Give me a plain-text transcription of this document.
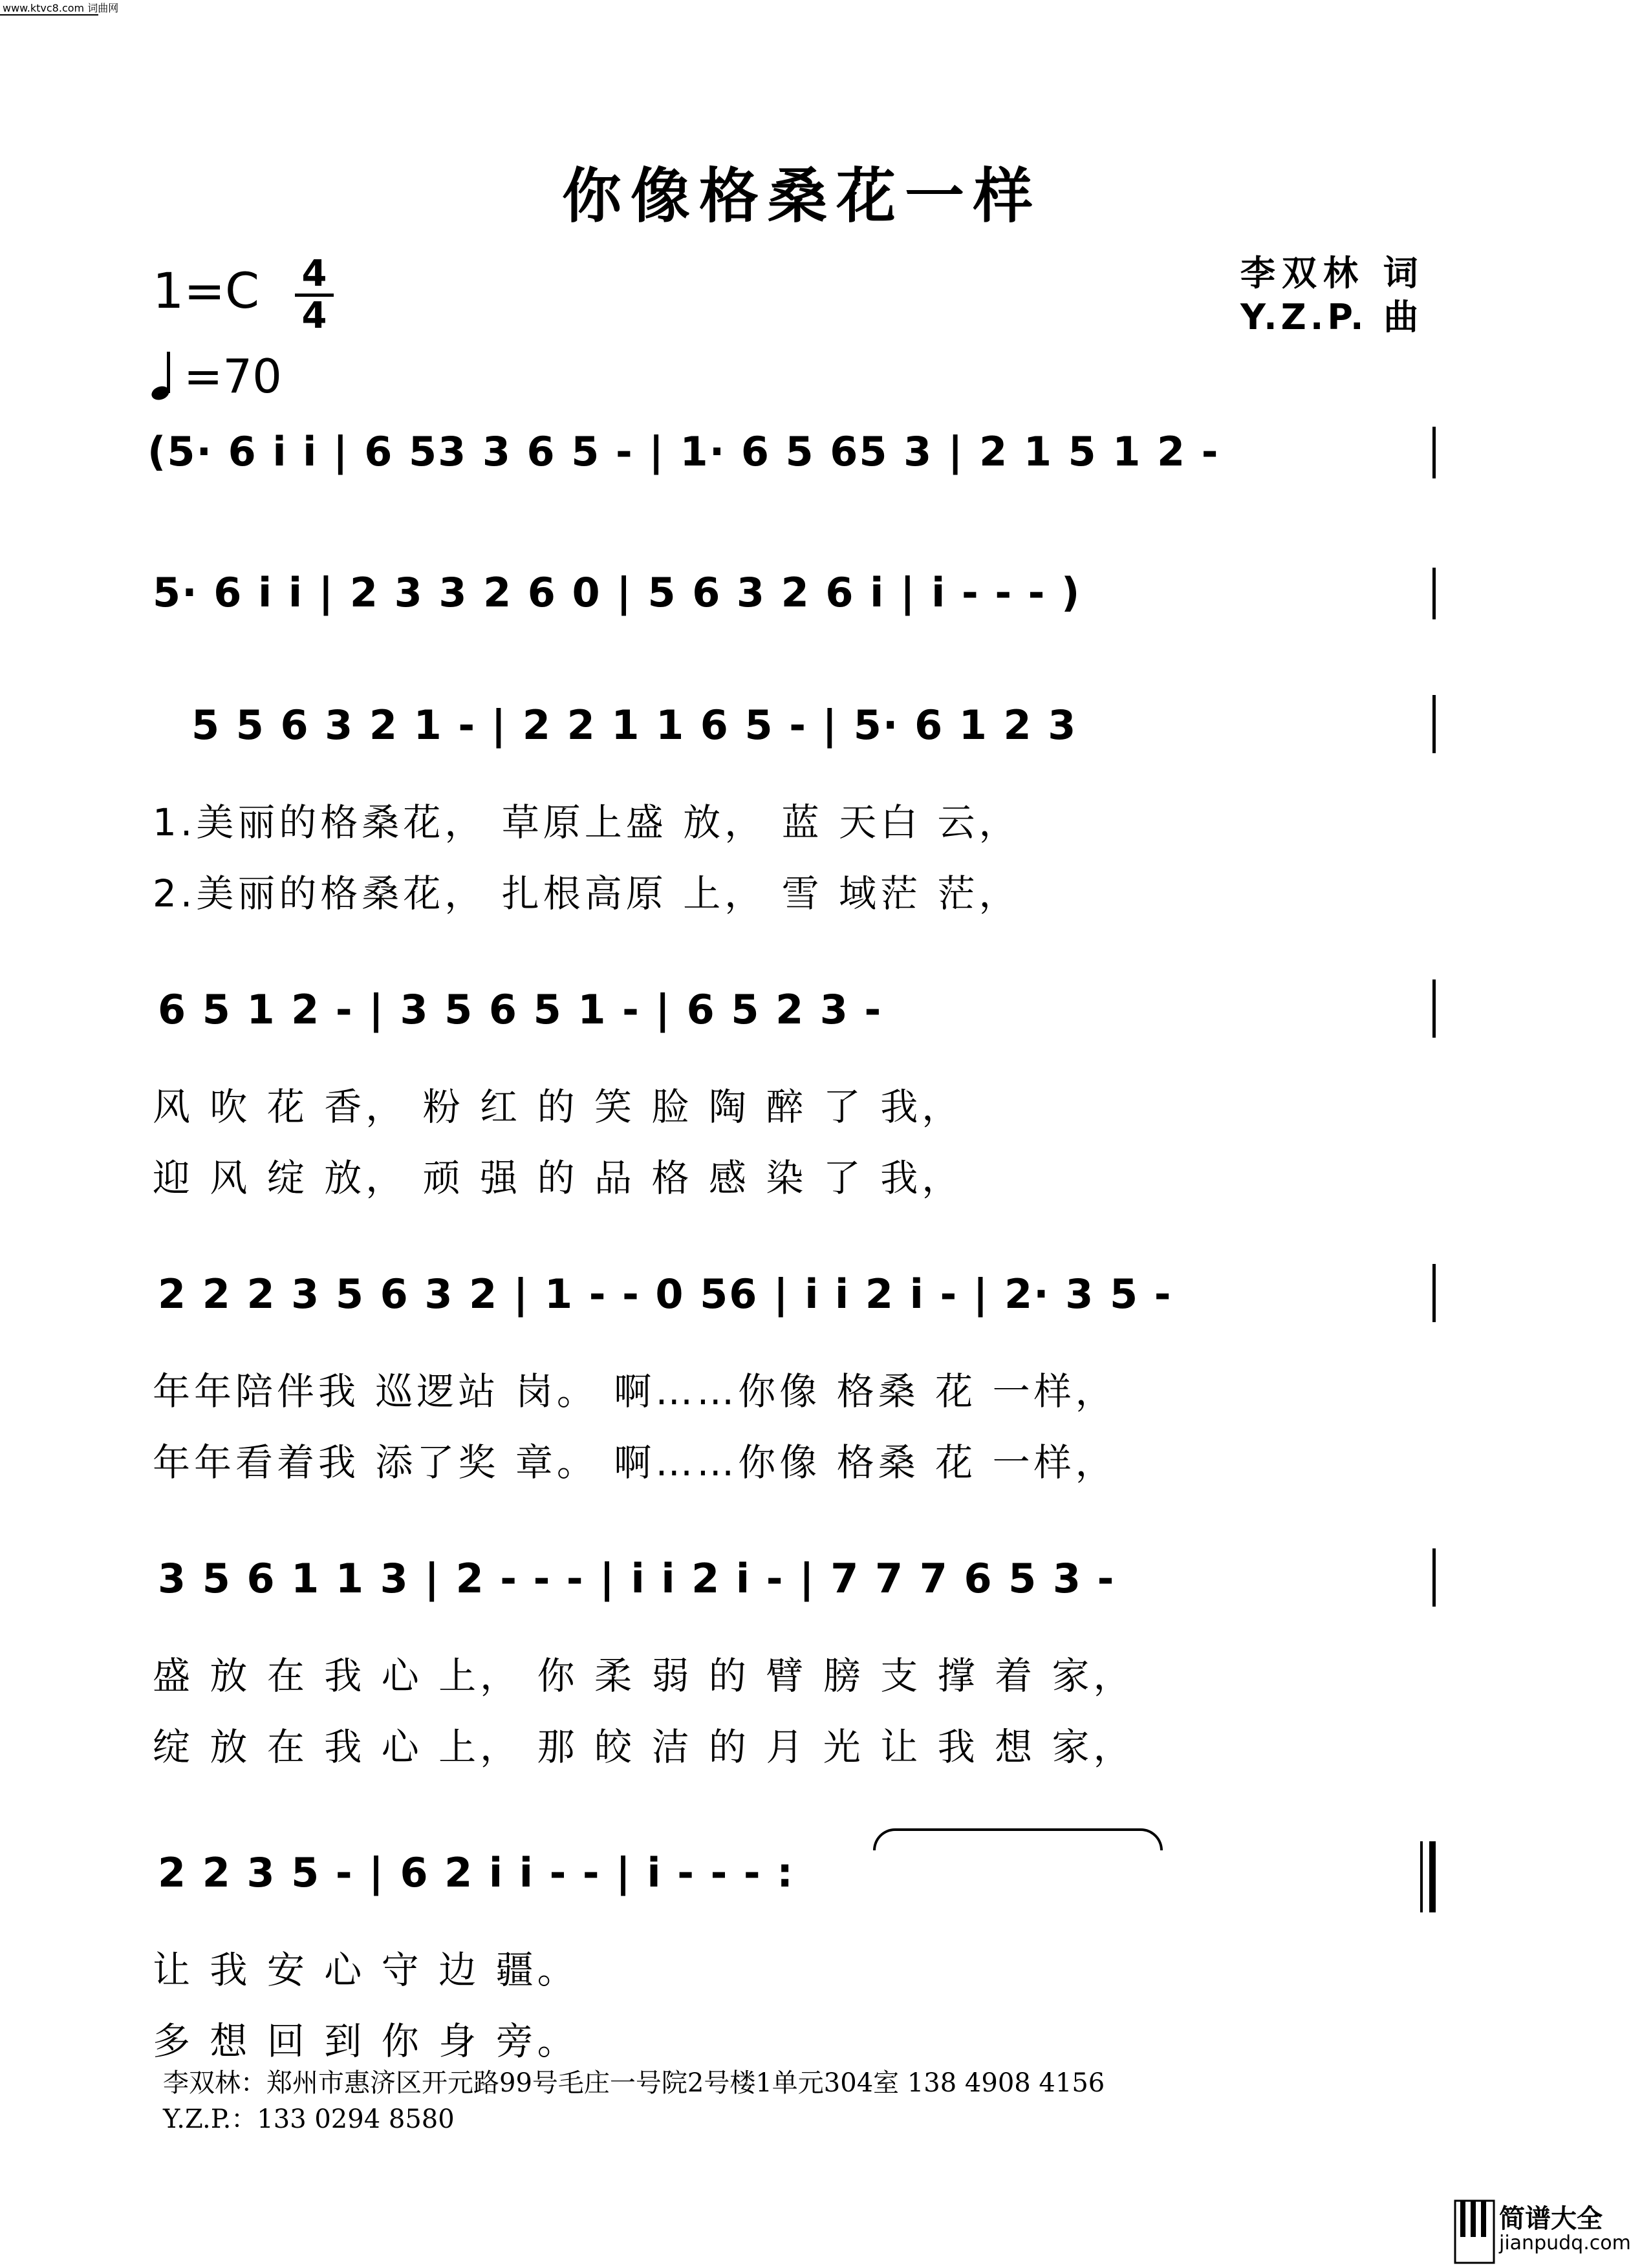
www.ktvc8.com 词曲网
你像格桑花一样
$1=C \frac{4}{4}$
=70
李双林 词
Y.Z.P. 曲
(5· 6 i i | 6 53 3 6 5 - | 1· 6 5 65 3 | 2 1 5 1 2 -
5· 6 i i | 2 3 3 2 6 0 | 5 6 3 2 6 i | i - - - )
5 5 6 3 2 1 - | 2 2 1 1 6 5 - | 5· 6 1 2 3
1.美丽的格桑花， 草原上盛 放， 蓝 天白 云，
2.美丽的格桑花， 扎根高原 上， 雪 域茫 茫，
6 5 1 2 - | 3 5 6 5 1 - | 6 5 2 3 -
风 吹 花 香， 粉 红 的 笑 脸 陶 醉 了 我，
迎 风 绽 放， 顽 强 的 品 格 感 染 了 我，
2 2 2 3 5 6 3 2 | 1 - - 0 56 | i i 2 i - | 2· 3 5 -
年年陪伴我 巡逻站 岗。 啊……你像 格桑 花 一样，
年年看着我 添了奖 章。 啊……你像 格桑 花 一样，
3 5 6 1 1 3 | 2 - - - | i i 2 i - | 7 7 7 6 5 3 -
盛 放 在 我 心 上， 你 柔 弱 的 臂 膀 支 撑 着 家，
绽 放 在 我 心 上， 那 皎 洁 的 月 光 让 我 想 家，
2 2 3 5 - | 6 2 i i - - | i - - - :
让 我 安 心 守 边 疆。
多 想 回 到 你 身 旁。
李双林：郑州市惠济区开元路99号毛庄一号院2号楼1单元304室 138 4908 4156
Y.Z.P.：133 0294 8580
简谱大全
jianpudq.com
